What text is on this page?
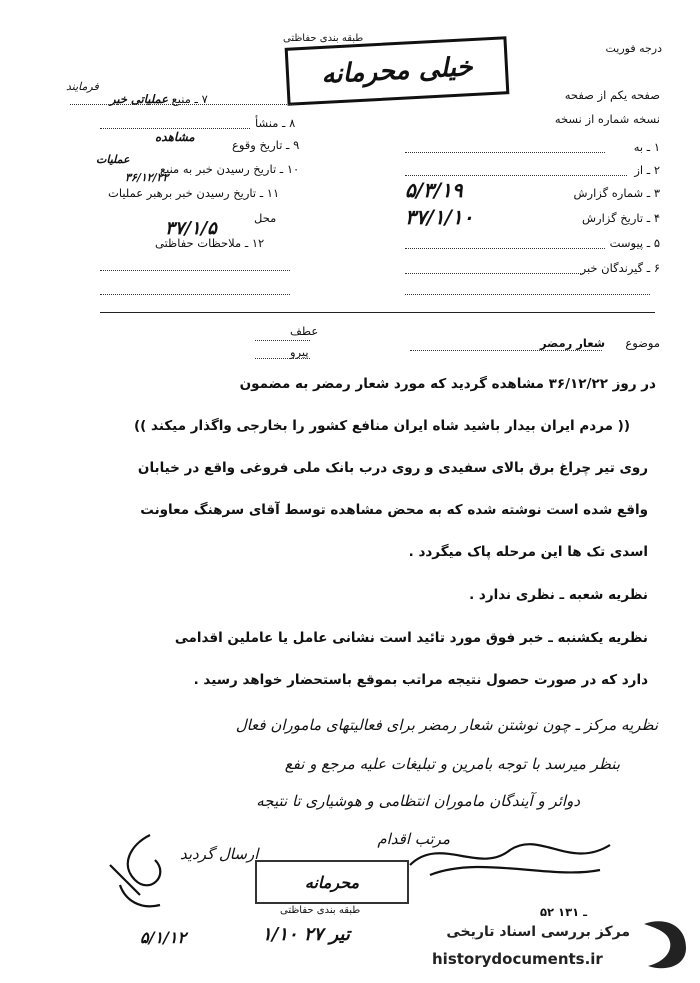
درجه فوریت
طبقه بندی حفاظتی
خیلی محرمانه
فرمایند
صفحه یکم از صفحه
نسخه شماره از نسخه
١ ـ به
٢ ـ از
٣ ـ شماره گزارش
۵/۳/۱۹
۴ ـ تاریخ گزارش
۳۷/۱/۱۰
۵ ـ پیوست
۶ ـ گیرندگان خبر
٧ ـ منبع عملیاتی خبر
٨ ـ منشأ
٩ ـ تاریخ وقوع
مشاهده
١٠ ـ تاریخ رسیدن خبر به منبع
عملیات
١١ ـ تاریخ رسیدن خبر برهبر عملیات
۳۶/۱۲/۲۲
محل
۳۷/۱/۵
١٢ ـ ملاحظات حفاظتی
عطف
پیرو
موضوع
شعار رمضر
در روز ۳۶/۱۲/۲۲ مشاهده گردید که مورد شعار رمضر به مضمون
(( مردم ایران بیدار باشید شاه ایران منافع کشور را بخارجی واگذار میکند ))
روی تیر چراغ برق بالای سفیدی و روی درب بانک ملی فروغی واقع در خیابان
واقع شده است نوشته شده که به محض مشاهده توسط آقای سرهنگ معاونت
اسدی تک ها این مرحله پاک میگردد .
نظریه شعبه ـ نظری ندارد .
نظریه یکشنبه ـ خبر فوق مورد تائید است نشانی عامل یا عاملین اقدامی
دارد که در صورت حصول نتیجه مراتب بموقع باستحضار خواهد رسید .
نظریه مرکز ـ چون نوشتن شعار رمضر برای فعالیتهای ماموران فعال
بنظر میرسد با توجه بامرین و تبلیغات علیه مرجع و نفع
دوائر و آیندگان ماموران انتظامی و هوشیاری تا نتیجه
مرتب اقدام
ارسال گردید
۵/۱/۱۲
محرمانه
طبقه بندی حفاظتی	۵۲ ـ ۱۳۱
۱/۱۰ تیر ۲۷	مرکز بررسی اسناد تاریخی
historydocuments.ir
